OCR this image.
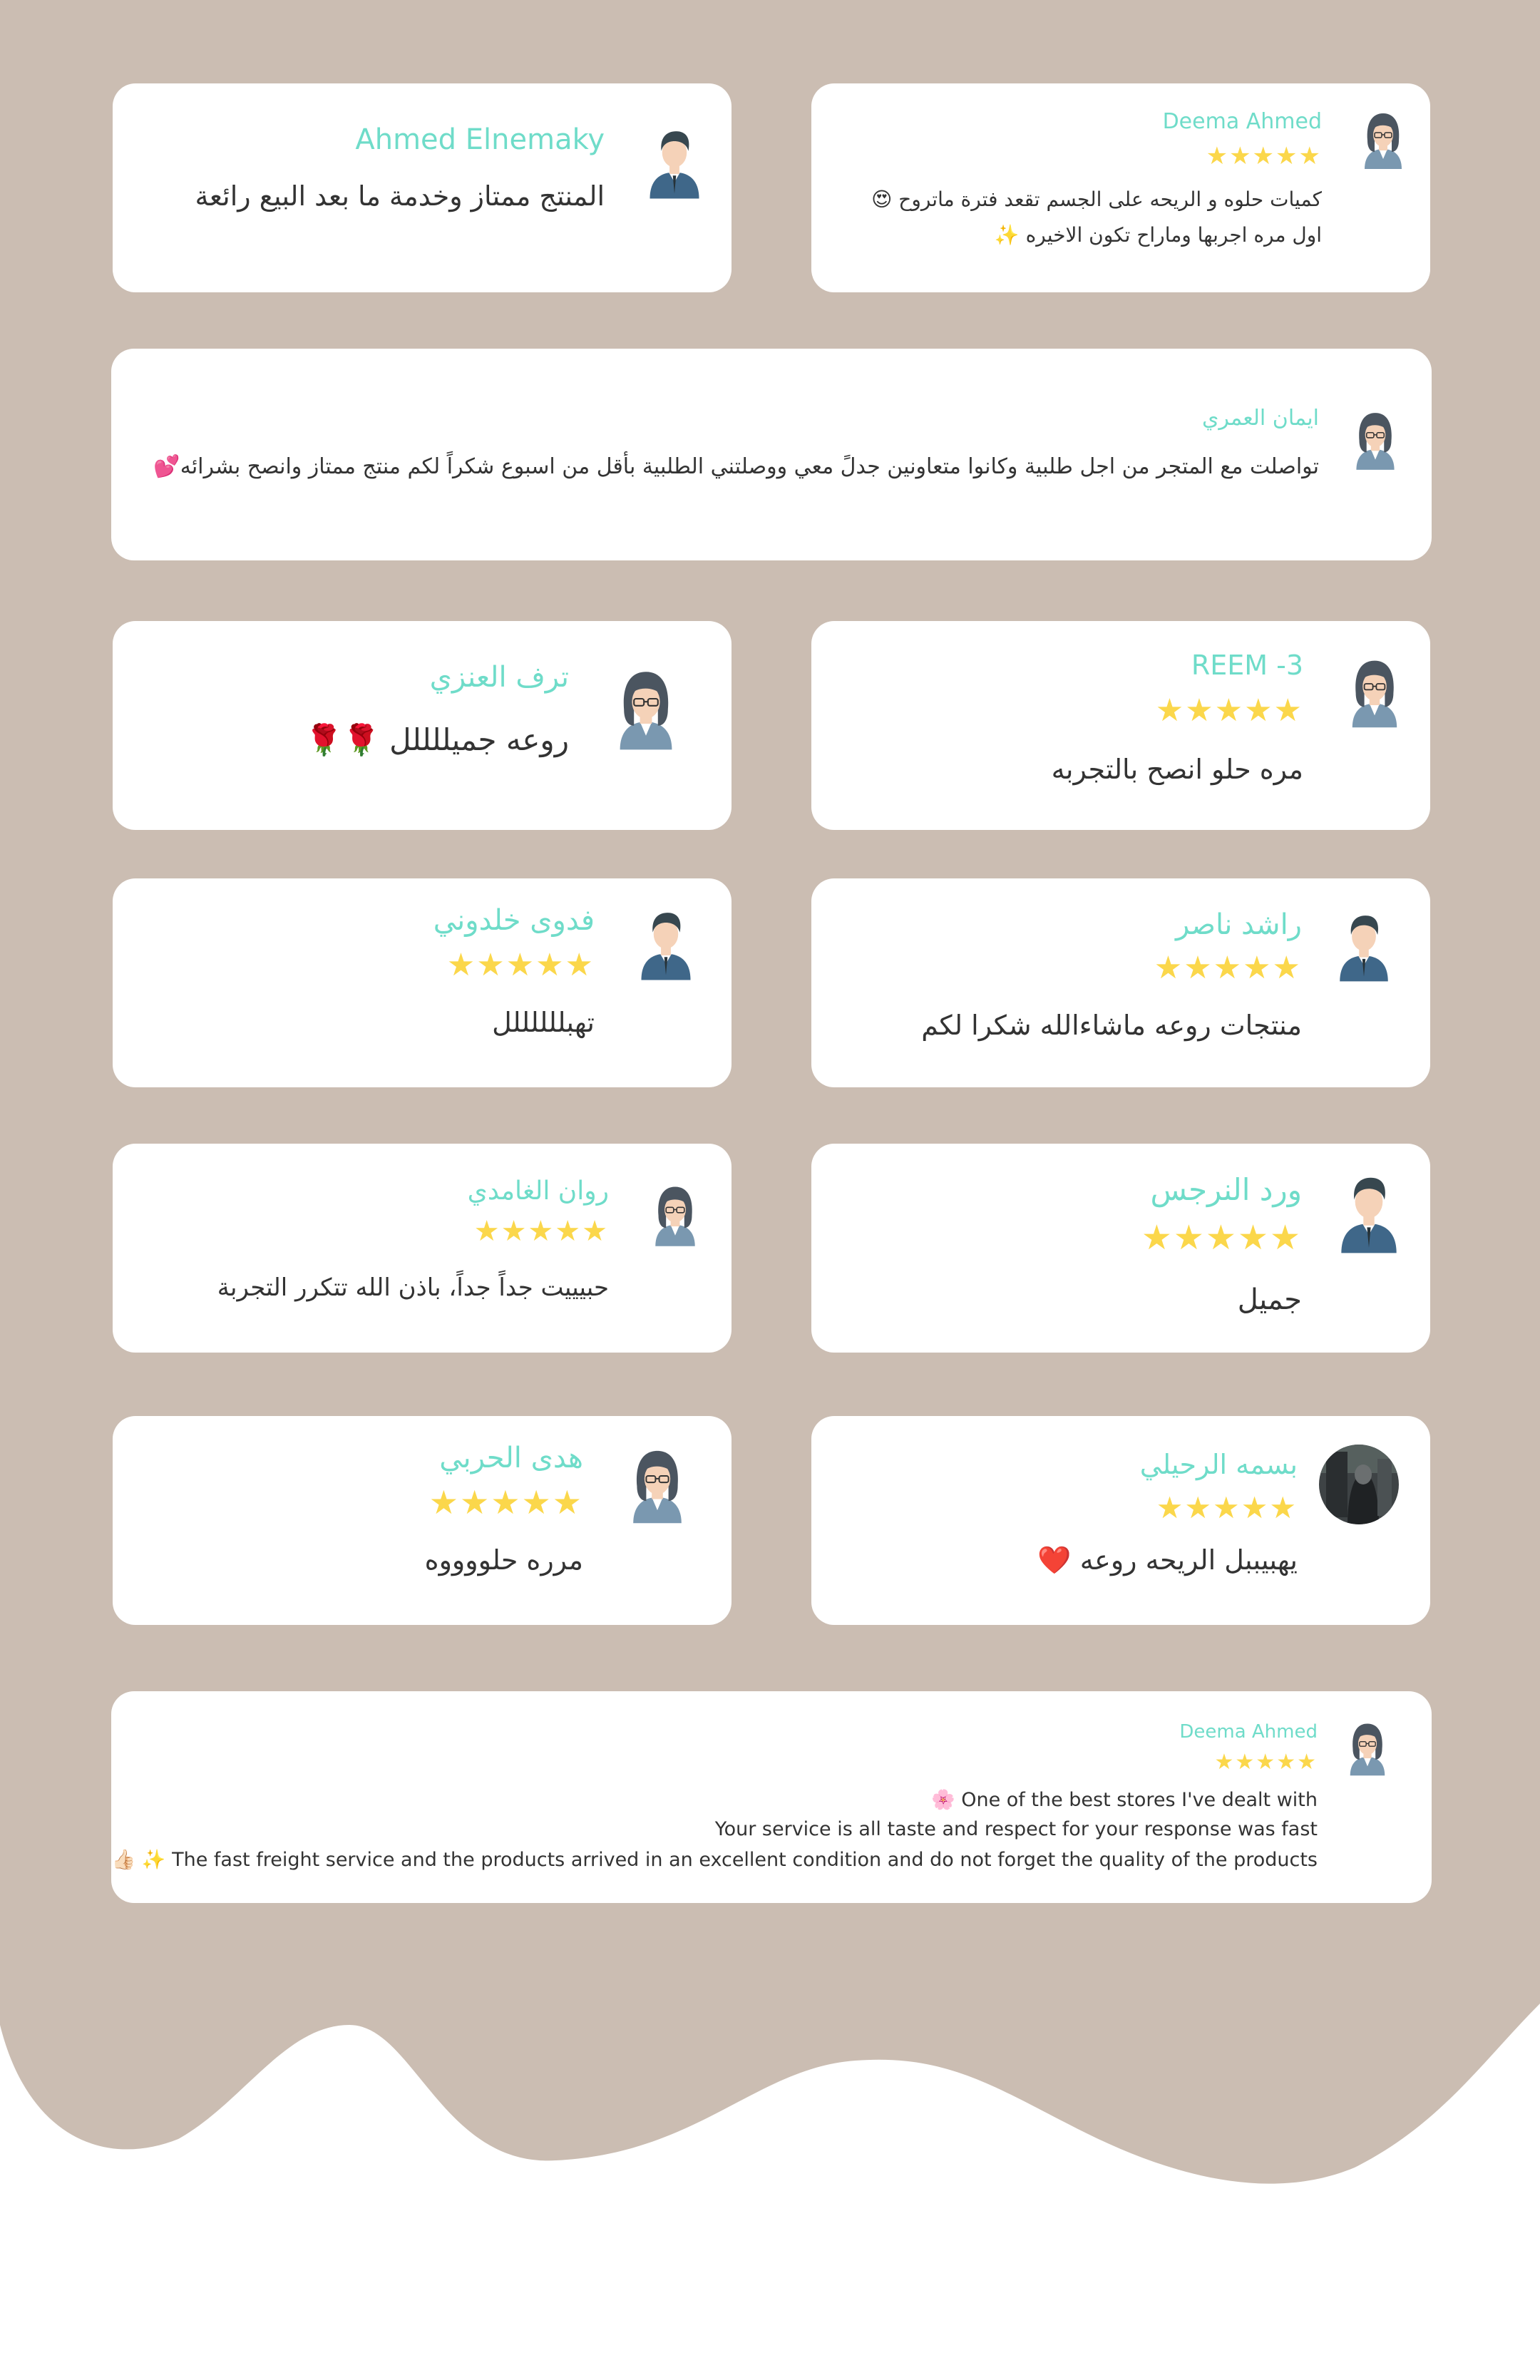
Deema Ahmed
★★★★★
كميات حلوه و الريحه على الجسم تقعد فترة ماتروح 😍
اول مره اجربها وماراح تكون الاخيره ✨
Ahmed Elnemaky
المنتج ممتاز وخدمة ما بعد البيع رائعة
ايمان العمري
تواصلت مع المتجر من اجل طلبية وكانوا متعاونين جدلً معي ووصلتني الطلبية بأقل من اسبوع شكراً لكم منتج ممتاز وانصح بشرائه💕
REEM -3
★★★★★
مره حلو انصح بالتجربه
ترف العنزي
روعه جميللللل 🌹🌹
راشد ناصر
★★★★★
منتجات روعه ماشاءالله شكرا لكم
فدوى خلدوني
★★★★★
تهبللللللل
ورد النرجس
★★★★★
جميل
روان الغامدي
★★★★★
حبيييت جداً جداً، باذن الله تتكرر التجربة
بسمه الرحيلي
★★★★★
يهبيببل الريحه روعه ❤️
هدى الحربي
★★★★★
مرره حلووووه
Deema Ahmed
★★★★★
🌸 One of the best stores I've dealt with
Your service is all taste and respect for your response was fast
👍🏻 ✨ The fast freight service and the products arrived in an excellent condition and do not forget the quality of the products
